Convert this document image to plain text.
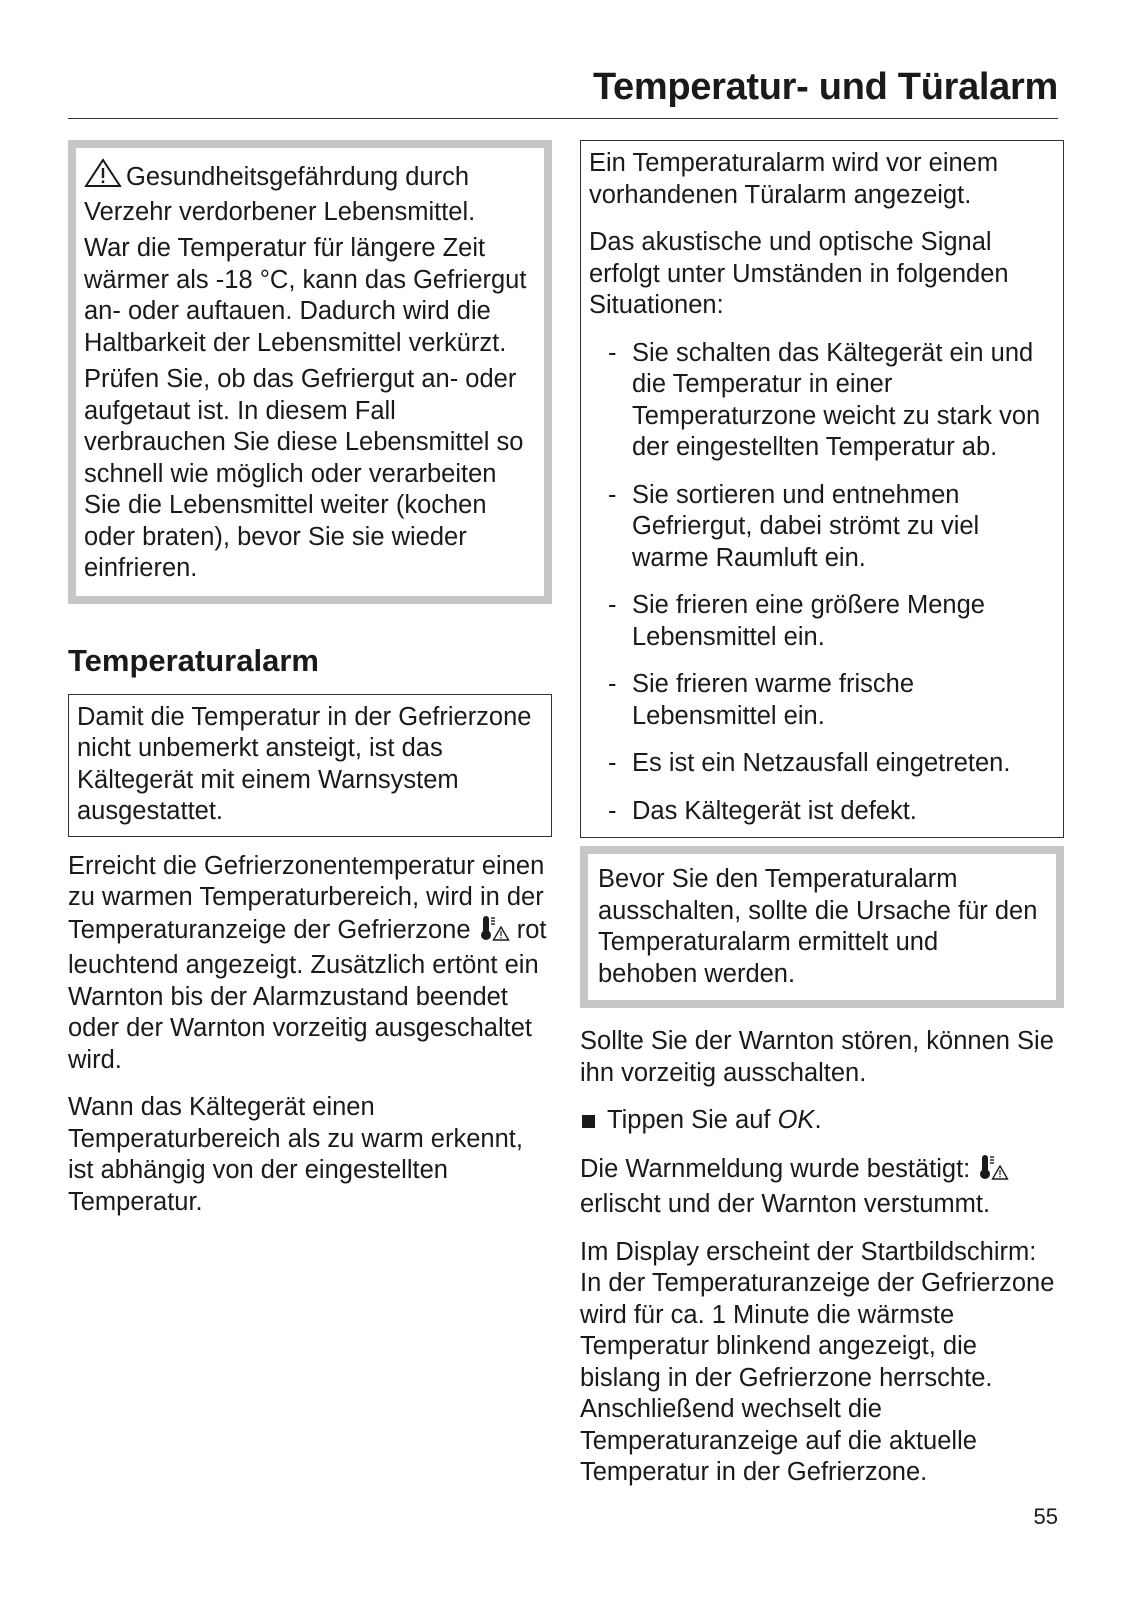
Temperatur- und Türalarm

Gesundheitsgefährdung durch Verzehr verdorbener Lebensmittel.

War die Temperatur für längere Zeit wärmer als -18 °C, kann das Gefriergut an- oder auftauen. Dadurch wird die Haltbarkeit der Lebensmittel verkürzt.

Prüfen Sie, ob das Gefriergut an- oder aufgetaut ist. In diesem Fall verbrauchen Sie diese Lebensmittel so schnell wie möglich oder verarbeiten Sie die Lebensmittel weiter (kochen oder braten), bevor Sie sie wieder einfrieren.

Temperaturalarm

Damit die Temperatur in der Gefrierzone nicht unbemerkt ansteigt, ist das Kältegerät mit einem Warnsystem ausgestattet.

Erreicht die Gefrierzonentemperatur einen zu warmen Temperaturbereich, wird in der Temperaturanzeige der Gefrierzone rot leuchtend angezeigt. Zusätzlich ertönt ein Warnton bis der Alarmzustand beendet oder der Warnton vorzeitig ausgeschaltet wird.

Wann das Kältegerät einen Temperaturbereich als zu warm erkennt, ist abhängig von der eingestellten Temperatur.

Ein Temperaturalarm wird vor einem vorhandenen Türalarm angezeigt.

Das akustische und optische Signal erfolgt unter Umständen in folgenden Situationen:

- Sie schalten das Kältegerät ein und die Temperatur in einer Temperaturzone weicht zu stark von der eingestellten Temperatur ab.
- Sie sortieren und entnehmen Gefriergut, dabei strömt zu viel warme Raumluft ein.
- Sie frieren eine größere Menge Lebensmittel ein.
- Sie frieren warme frische Lebensmittel ein.
- Es ist ein Netzausfall eingetreten.
- Das Kältegerät ist defekt.

Bevor Sie den Temperaturalarm ausschalten, sollte die Ursache für den Temperaturalarm ermittelt und behoben werden.

Sollte Sie der Warnton stören, können Sie ihn vorzeitig ausschalten.

Tippen Sie auf OK.

Die Warnmeldung wurde bestätigt:  erlischt und der Warnton verstummt.

Im Display erscheint der Startbildschirm: In der Temperaturanzeige der Gefrierzone wird für ca. 1 Minute die wärmste Temperatur blinkend angezeigt, die bislang in der Gefrierzone herrschte. Anschließend wechselt die Temperaturanzeige auf die aktuelle Temperatur in der Gefrierzone.

55
